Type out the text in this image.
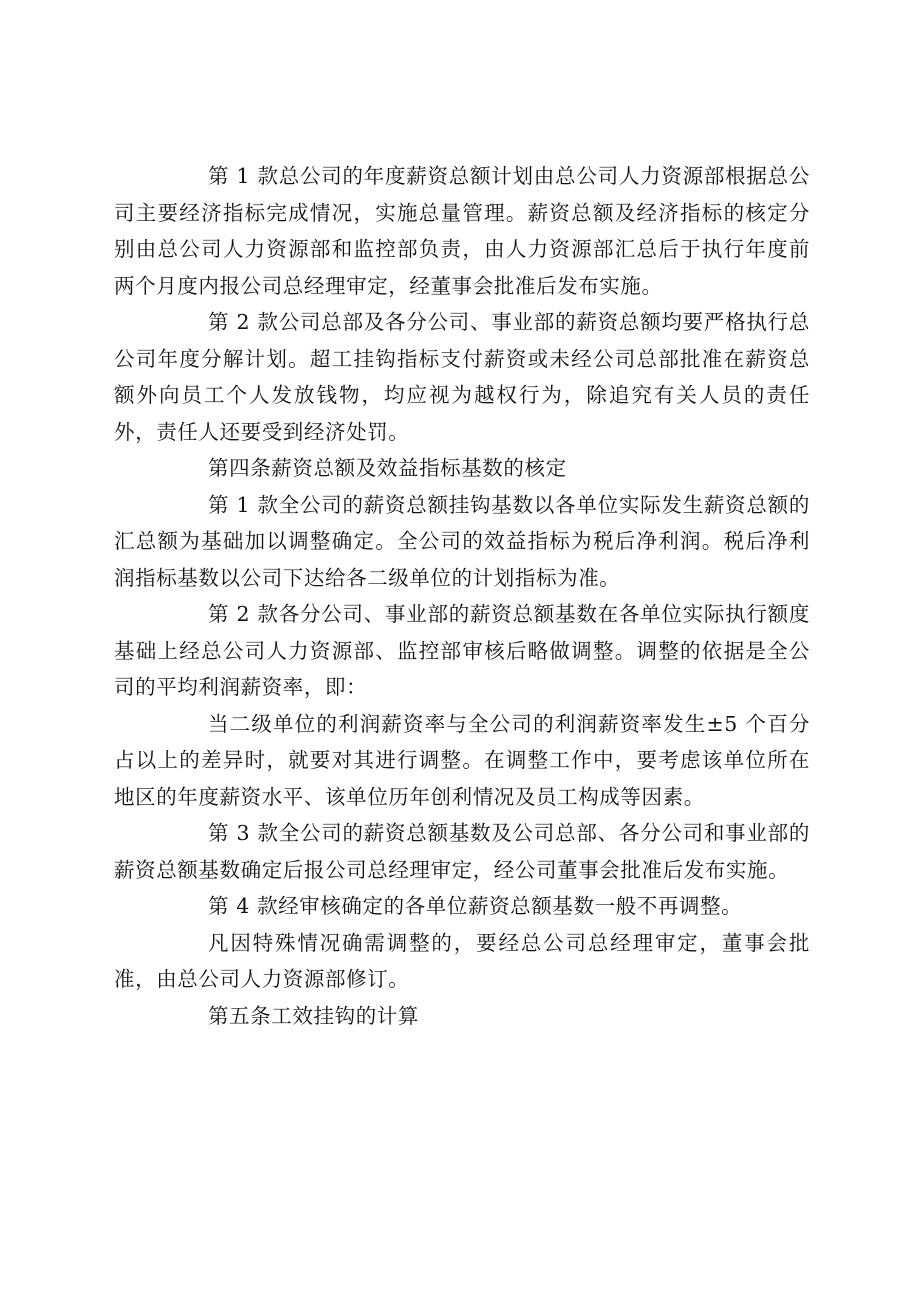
第 1 款总公司的年度薪资总额计划由总公司人力资源部根据总公司主要经济指标完成情况，实施总量管理。薪资总额及经济指标的核定分别由总公司人力资源部和监控部负责，由人力资源部汇总后于执行年度前两个月度内报公司总经理审定，经董事会批准后发布实施。

第 2 款公司总部及各分公司、事业部的薪资总额均要严格执行总公司年度分解计划。超工挂钩指标支付薪资或未经公司总部批准在薪资总额外向员工个人发放钱物，均应视为越权行为，除追究有关人员的责任外，责任人还要受到经济处罚。

第四条薪资总额及效益指标基数的核定

第 1 款全公司的薪资总额挂钩基数以各单位实际发生薪资总额的汇总额为基础加以调整确定。全公司的效益指标为税后净利润。税后净利润指标基数以公司下达给各二级单位的计划指标为准。

第 2 款各分公司、事业部的薪资总额基数在各单位实际执行额度基础上经总公司人力资源部、监控部审核后略做调整。调整的依据是全公司的平均利润薪资率，即：

当二级单位的利润薪资率与全公司的利润薪资率发生±5 个百分占以上的差异时，就要对其进行调整。在调整工作中，要考虑该单位所在地区的年度薪资水平、该单位历年创利情况及员工构成等因素。

第 3 款全公司的薪资总额基数及公司总部、各分公司和事业部的薪资总额基数确定后报公司总经理审定，经公司董事会批准后发布实施。

第 4 款经审核确定的各单位薪资总额基数一般不再调整。

凡因特殊情况确需调整的，要经总公司总经理审定，董事会批准，由总公司人力资源部修订。

第五条工效挂钩的计算
